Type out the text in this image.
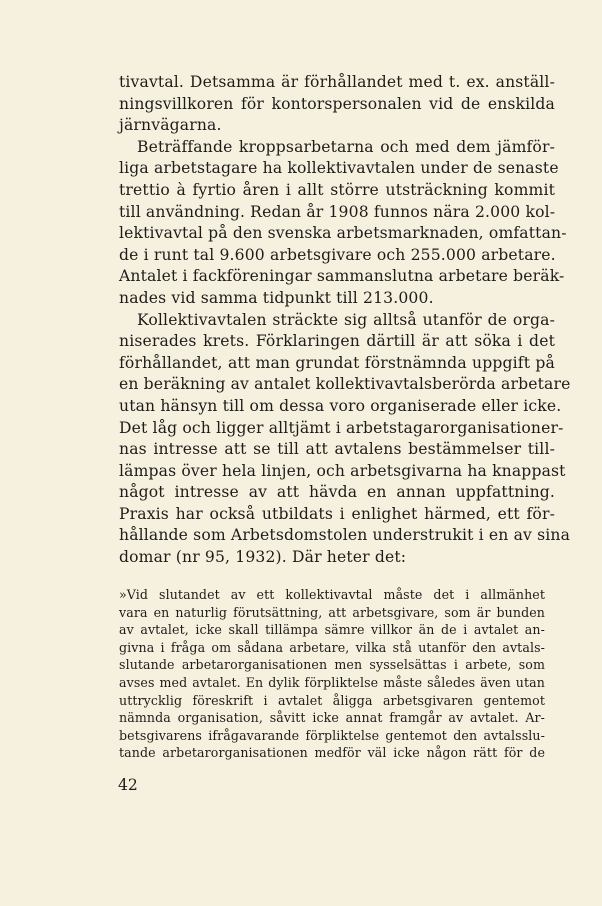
tivavtal. Detsamma är förhållandet med t. ex. anställ-
ningsvillkoren för kontorspersonalen vid de enskilda
järnvägarna.
Beträffande kroppsarbetarna och med dem jämför-
liga arbetstagare ha kollektivavtalen under de senaste
trettio à fyrtio åren i allt större utsträckning kommit
till användning. Redan år 1908 funnos nära 2.000 kol-
lektivavtal på den svenska arbetsmarknaden, omfattan-
de i runt tal 9.600 arbetsgivare och 255.000 arbetare.
Antalet i fackföreningar sammanslutna arbetare beräk-
nades vid samma tidpunkt till 213.000.
Kollektivavtalen sträckte sig alltså utanför de orga-
niserades krets. Förklaringen därtill är att söka i det
förhållandet, att man grundat förstnämnda uppgift på
en beräkning av antalet kollektivavtalsberörda arbetare
utan hänsyn till om dessa voro organiserade eller icke.
Det låg och ligger alltjämt i arbetstagarorganisationer-
nas intresse att se till att avtalens bestämmelser till-
lämpas över hela linjen, och arbetsgivarna ha knappast
något intresse av att hävda en annan uppfattning.
Praxis har också utbildats i enlighet härmed, ett för-
hållande som Arbetsdomstolen understrukit i en av sina
domar (nr 95, 1932). Där heter det:
»Vid slutandet av ett kollektivavtal måste det i allmänhet
vara en naturlig förutsättning, att arbetsgivare, som är bunden
av avtalet, icke skall tillämpa sämre villkor än de i avtalet an-
givna i fråga om sådana arbetare, vilka stå utanför den avtals-
slutande arbetarorganisationen men sysselsättas i arbete, som
avses med avtalet. En dylik förpliktelse måste således även utan
uttrycklig föreskrift i avtalet åligga arbetsgivaren gentemot
nämnda organisation, såvitt icke annat framgår av avtalet. Ar-
betsgivarens ifrågavarande förpliktelse gentemot den avtalsslu-
tande arbetarorganisationen medför väl icke någon rätt för de
42
